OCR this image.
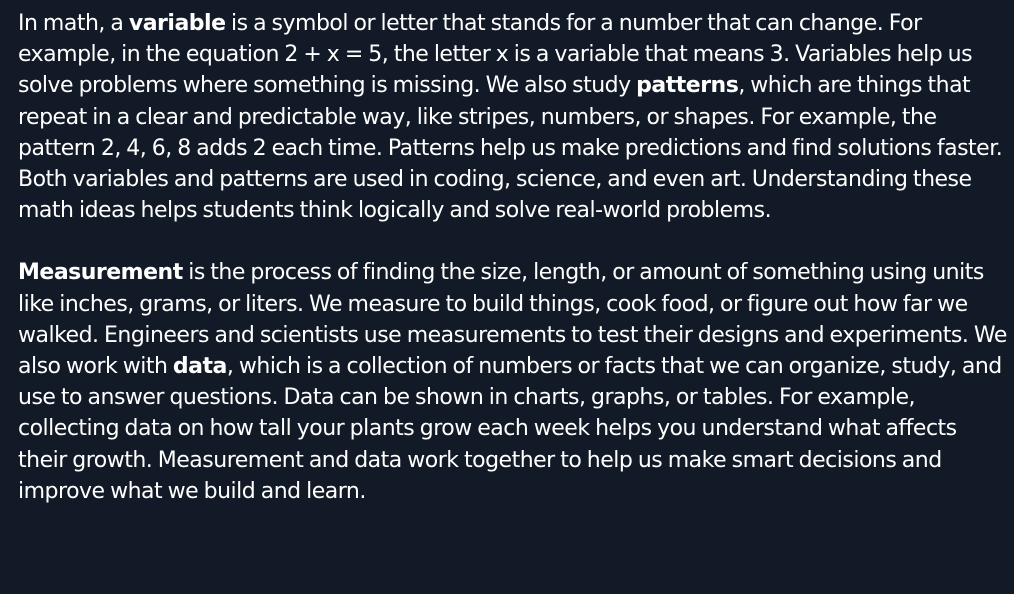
In math, a variable is a symbol or letter that stands for a number that can change. For example, in the equation 2 + x = 5, the letter x is a variable that means 3. Variables help us solve problems where something is missing. We also study patterns, which are things that repeat in a clear and predictable way, like stripes, numbers, or shapes. For example, the pattern 2, 4, 6, 8 adds 2 each time. Patterns help us make predictions and find solutions faster. Both variables and patterns are used in coding, science, and even art. Understanding these math ideas helps students think logically and solve real-world problems.

Measurement is the process of finding the size, length, or amount of something using units like inches, grams, or liters. We measure to build things, cook food, or figure out how far we walked. Engineers and scientists use measurements to test their designs and experiments. We also work with data, which is a collection of numbers or facts that we can organize, study, and use to answer questions. Data can be shown in charts, graphs, or tables. For example, collecting data on how tall your plants grow each week helps you understand what affects their growth. Measurement and data work together to help us make smart decisions and improve what we build and learn.
